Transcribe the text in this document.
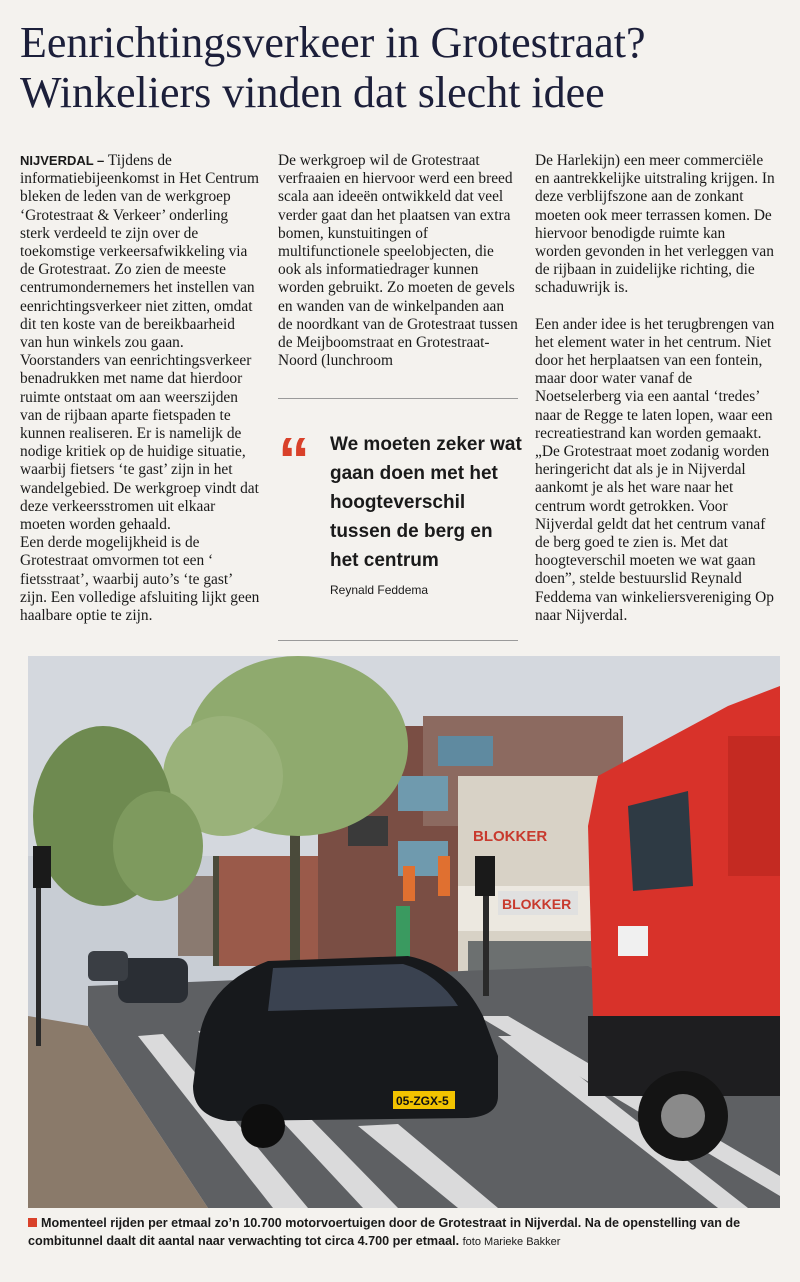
Eenrichtingsverkeer in Grotestraat?
Winkeliers vinden dat slecht idee

NIJVERDAL – Tijdens de informatiebijeenkomst in Het Centrum bleken de leden van de werkgroep ‘Grotestraat & Verkeer’ onderling sterk verdeeld te zijn over de toekomstige verkeersafwikkeling via de Grotestraat. Zo zien de meeste centrumondernemers het instellen van eenrichtingsverkeer niet zitten, omdat dit ten koste van de bereikbaarheid van hun winkels zou gaan.

Voorstanders van eenrichtingsverkeer benadrukken met name dat hierdoor ruimte ontstaat om aan weerszijden van de rijbaan aparte fietspaden te kunnen realiseren. Er is namelijk de nodige kritiek op de huidige situatie, waarbij fietsers ‘te gast’ zijn in het wandelgebied. De werkgroep vindt dat deze verkeersstromen uit elkaar moeten worden gehaald.

Een derde mogelijkheid is de Grotestraat omvormen tot een ‘ fietsstraat’, waarbij auto’s ‘te gast’ zijn. Een volledige afsluiting lijkt geen haalbare optie te zijn.

De werkgroep wil de Grotestraat verfraaien en hiervoor werd een breed scala aan ideeën ontwikkeld dat veel verder gaat dan het plaatsen van extra bomen, kunstuitingen of multifunctionele speelobjecten, die ook als informatiedrager kunnen worden gebruikt. Zo moeten de gevels en wanden van de winkelpanden aan de noordkant van de Grotestraat tussen de Meijboomstraat en Grotestraat-Noord (lunchroom

“ We moeten zeker wat gaan doen met het hoogteverschil tussen de berg en het centrum
Reynald Feddema

De Harlekijn) een meer commerciële en aantrekkelijke uitstraling krijgen. In deze verblijfszone aan de zonkant moeten ook meer terrassen komen. De hiervoor benodigde ruimte kan worden gevonden in het verleggen van de rijbaan in zuidelijke richting, die schaduwrijk is.

Een ander idee is het terugbrengen van het element water in het centrum. Niet door het herplaatsen van een fontein, maar door water vanaf de Noetselerberg via een aantal ‘tredes’ naar de Regge te laten lopen, waar een recreatiestrand kan worden gemaakt. „De Grotestraat moet zodanig worden heringericht dat als je in Nijverdal aankomt je als het ware naar het centrum wordt getrokken. Voor Nijverdal geldt dat het centrum vanaf de berg goed te zien is. Met dat hoogteverschil moeten we wat gaan doen”, stelde bestuurslid Reynald Feddema van winkeliersvereniging Op naar Nijverdal.

BLOKKER
BLOKKER
05-ZGX-5
Momenteel rijden per etmaal zo’n 10.700 motorvoertuigen door de Grotestraat in Nijverdal. Na de openstelling van de combitunnel daalt dit aantal naar verwachting tot circa 4.700 per etmaal. foto Marieke Bakker
